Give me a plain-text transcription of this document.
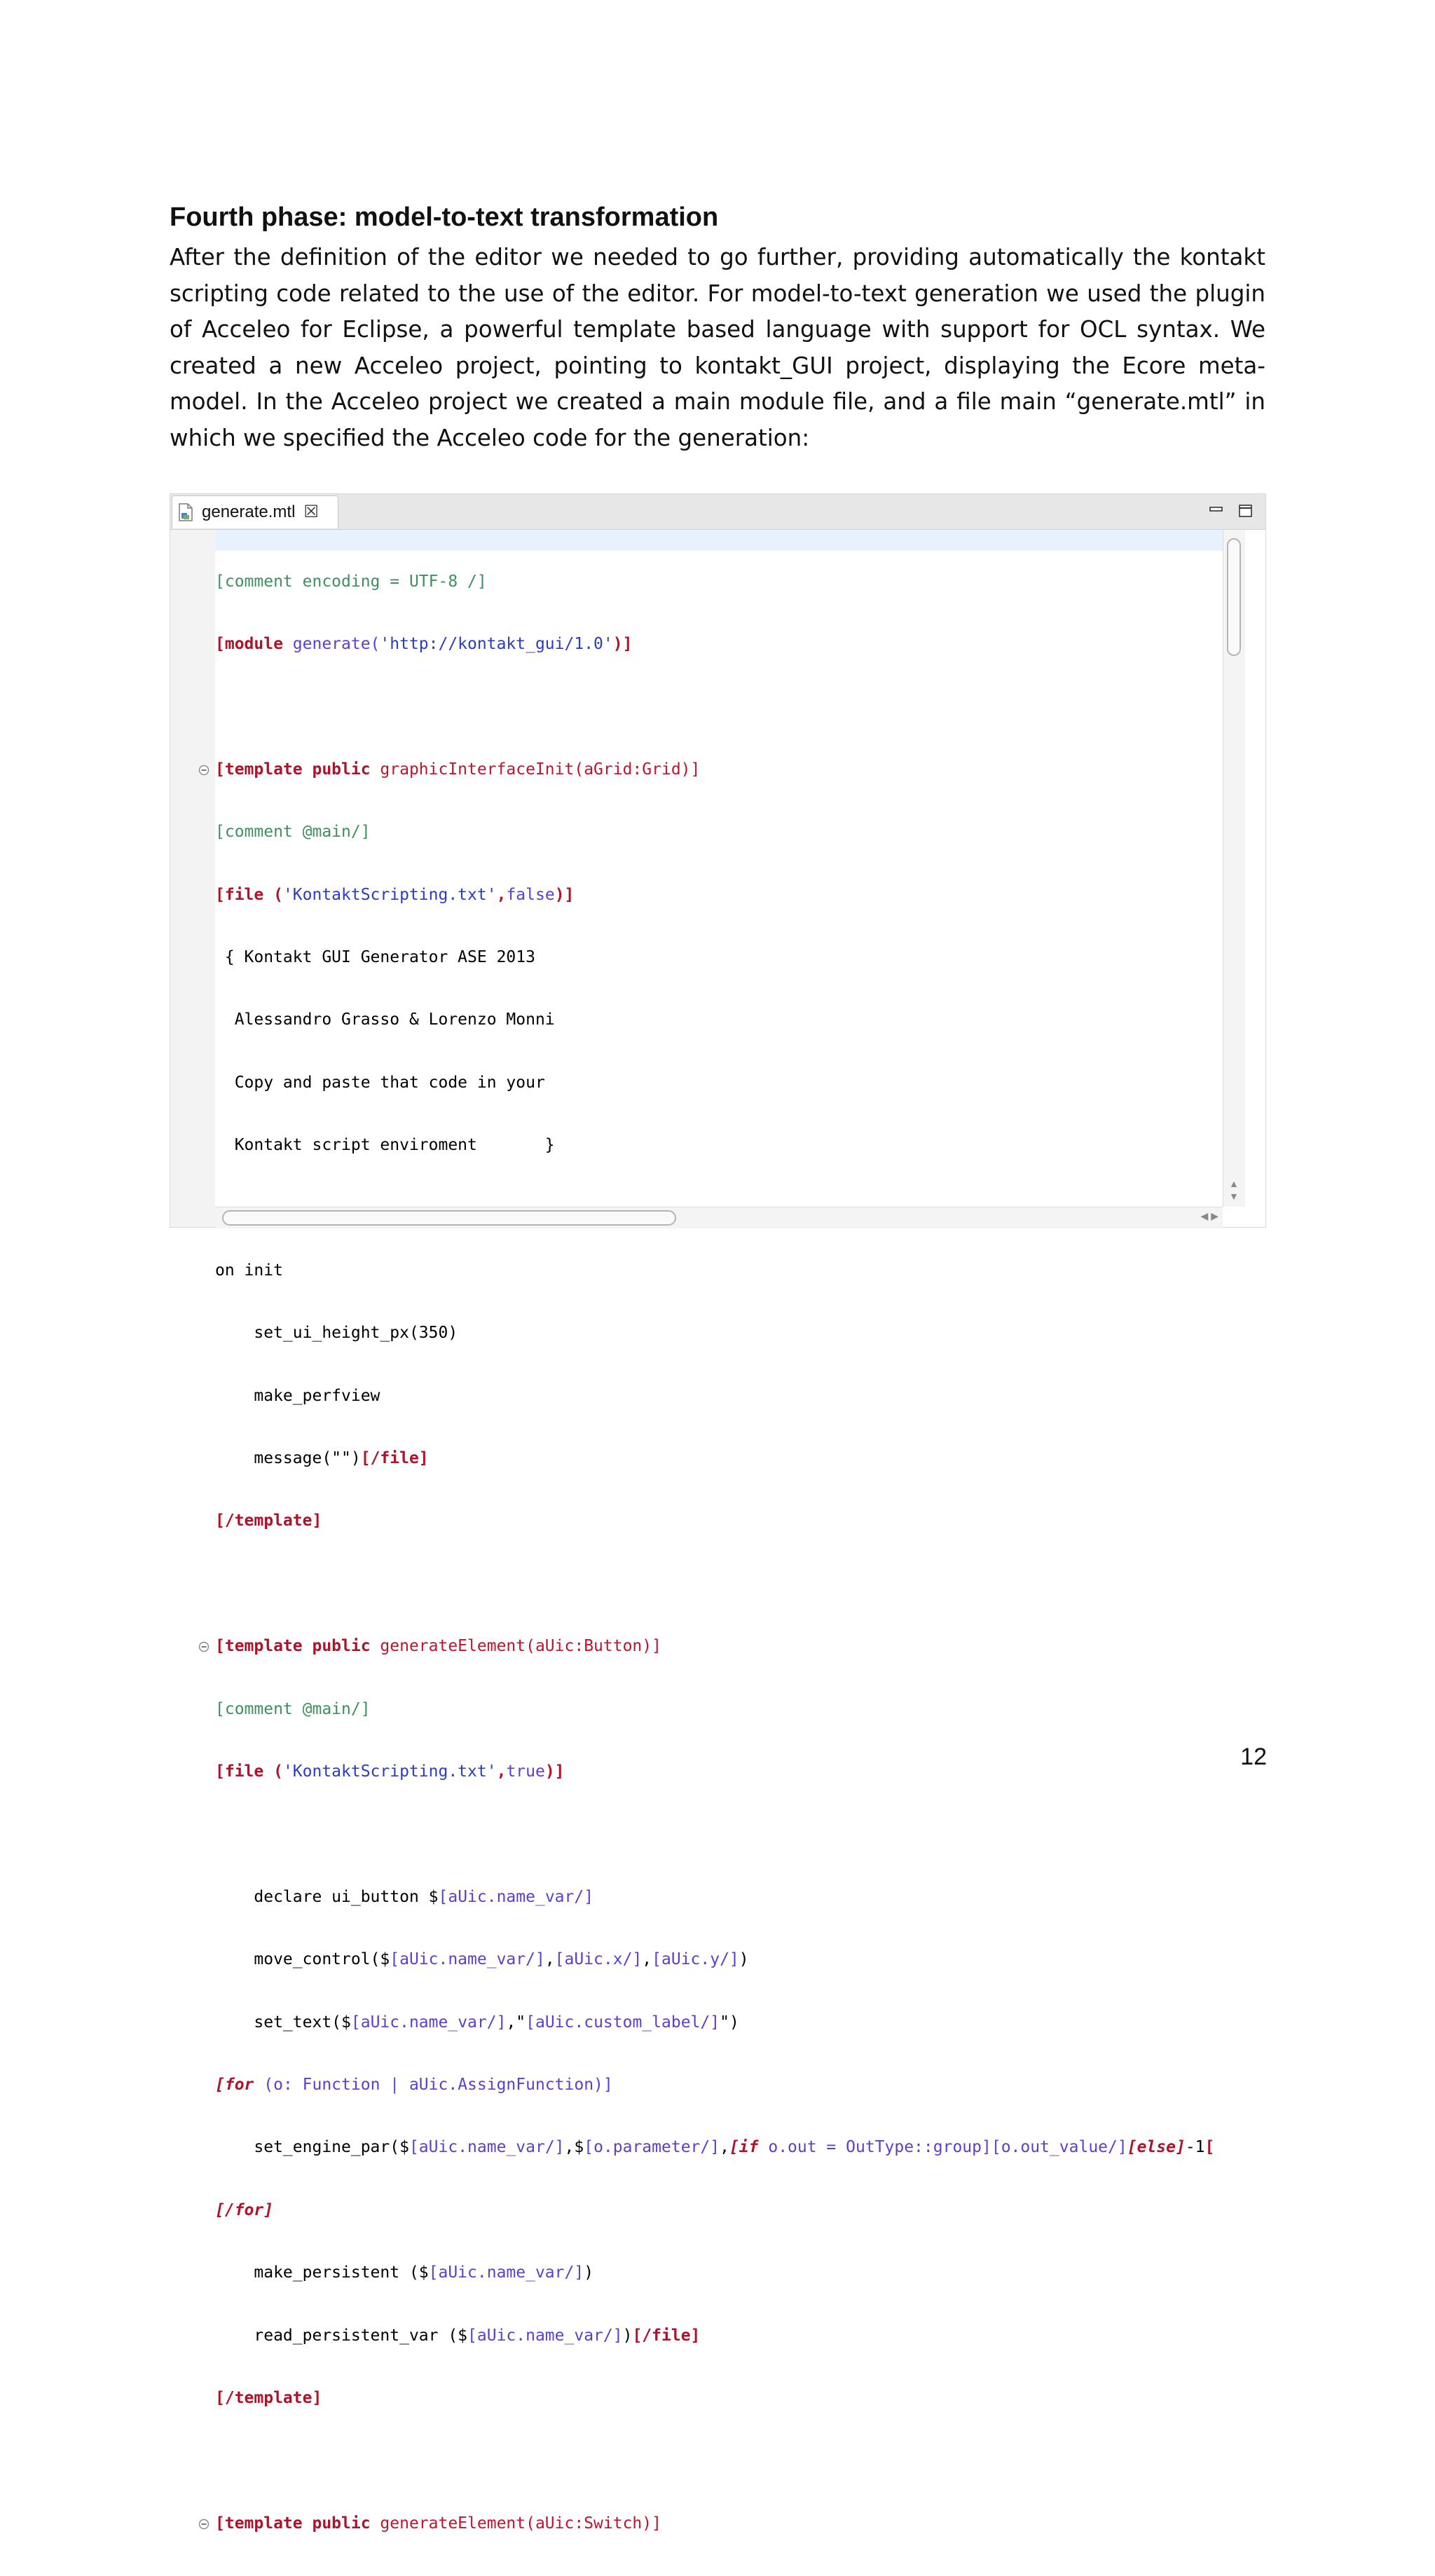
Fourth phase: model-to-text transformation

After the definition of the editor we needed to go further, providing automatically the kontakt scripting code related to the use of the editor. For model-to-text generation we used the plugin of Acceleo for Eclipse, a powerful template based language with support for OCL syntax. We created a new Acceleo project, pointing to kontakt_GUI project, displaying the Ecore meta-model. In the Acceleo project we created a main module file, and a file main “generate.mtl” in which we specified the Acceleo code for the generation:

generate.mtl ☒

[comment encoding = UTF-8 /]

[module generate('http://kontakt_gui/1.0')]

[template public graphicInterfaceInit(aGrid:Grid)]

[comment @main/]

[file ('KontaktScripting.txt',false)]

{ Kontakt GUI Generator ASE 2013

Alessandro Grasso & Lorenzo Monni

Copy and paste that code in your

Kontakt script enviroment       }

on init

set_ui_height_px(350)

make_perfview

message("")[/file]

[/template]

[template public generateElement(aUic:Button)]

[comment @main/]

[file ('KontaktScripting.txt',true)]

declare ui_button $[aUic.name_var/]

move_control($[aUic.name_var/],[aUic.x/],[aUic.y/])

set_text($[aUic.name_var/],"[aUic.custom_label/]")

[for (o: Function | aUic.AssignFunction)]

set_engine_par($[aUic.name_var/],$[o.parameter/],[if o.out = OutType::group][o.out_value/][else]-1[

[/for]

make_persistent ($[aUic.name_var/])

read_persistent_var ($[aUic.name_var/])[/file]

[/template]

[template public generateElement(aUic:Switch)]

▲
▼
◀ ▶
12
